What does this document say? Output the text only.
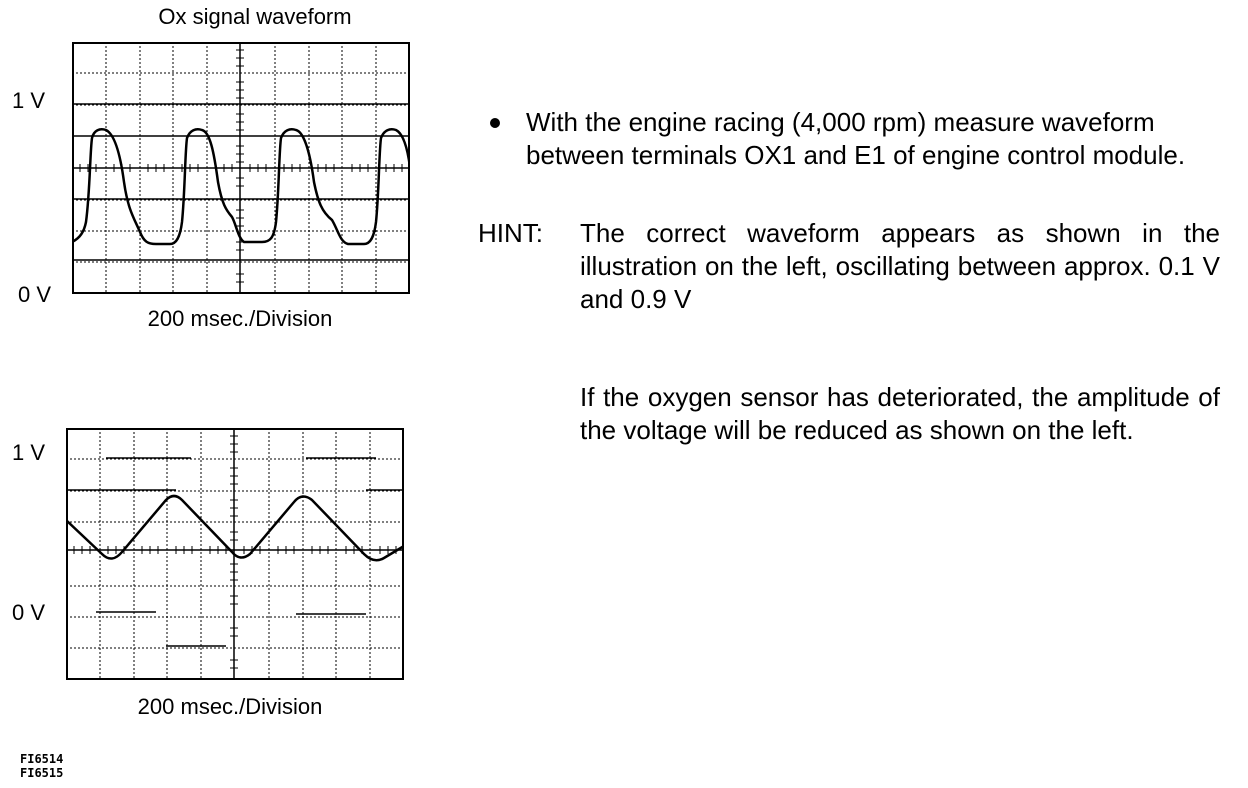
Ox signal waveform
1 V
0 V
200 msec./Division
1 V
0 V
200 msec./Division
FI6514
FI6515
With the engine racing (4,000 rpm) measure waveform between terminals OX1 and E1 of engine control module.
HINT: The correct waveform appears as shown in the illustration on the left, oscillating between approx. 0.1 V and 0.9 V
If the oxygen sensor has deteriorated, the amplitude of the voltage will be reduced as shown on the left.
